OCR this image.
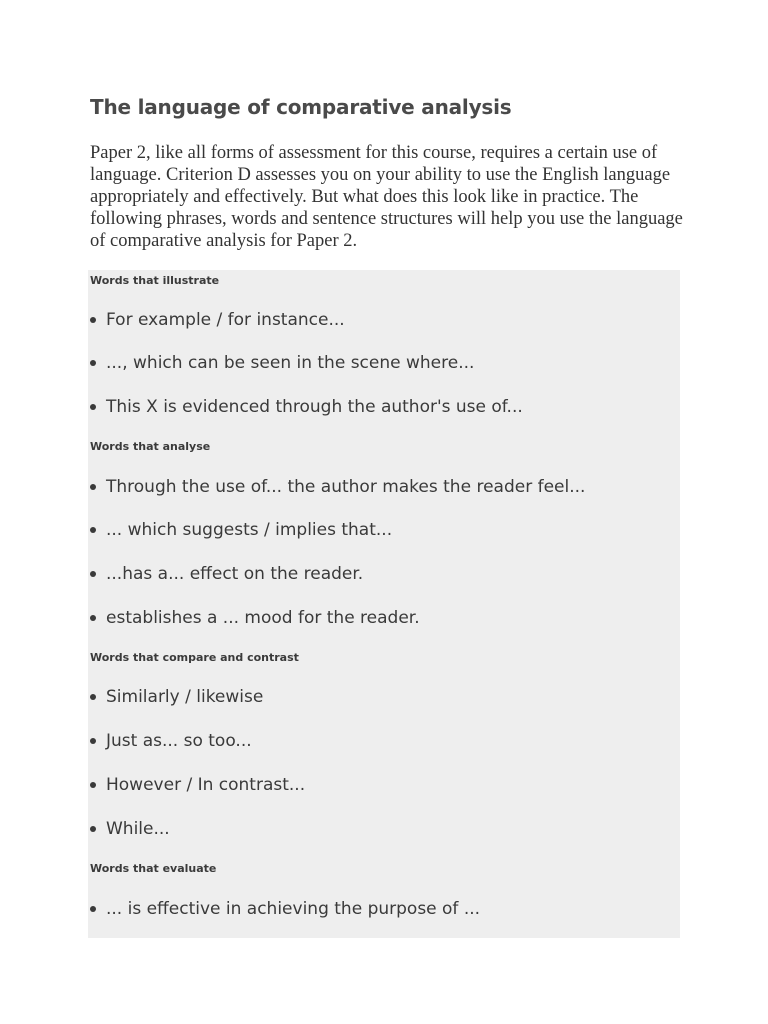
The language of comparative analysis

Paper 2, like all forms of assessment for this course, requires a certain use of language. Criterion D assesses you on your ability to use the English language appropriately and effectively. But what does this look like in practice. The following phrases, words and sentence structures will help you use the language of comparative analysis for Paper 2.

Words that illustrate
For example / for instance...
..., which can be seen in the scene where...
This X is evidenced through the author's use of...
Words that analyse
Through the use of... the author makes the reader feel...
... which suggests / implies that...
...has a... effect on the reader.
establishes a ... mood for the reader.
Words that compare and contrast
Similarly / likewise
Just as... so too...
However / In contrast...
While...
Words that evaluate
... is effective in achieving the purpose of ...
